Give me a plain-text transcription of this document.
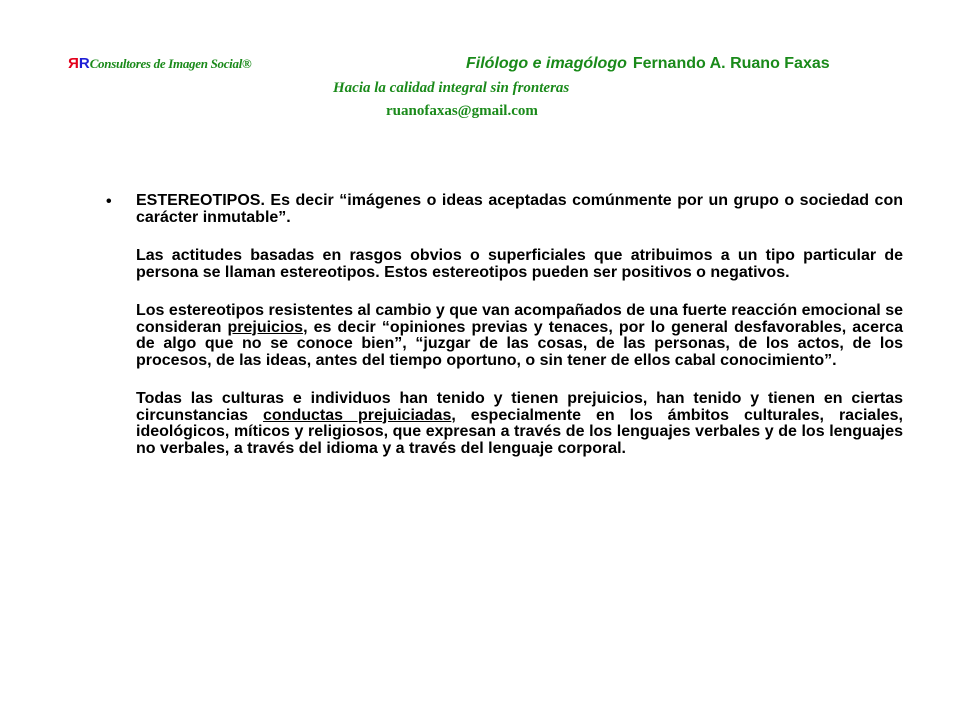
RRConsultores de Imagen Social®	Filólogo e imagólogo Fernando A. Ruano Faxas
Hacia la calidad integral sin fronteras
ruanofaxas@gmail.com
• ESTEREOTIPOS. Es decir “imágenes o ideas aceptadas comúnmente por un grupo o sociedad con carácter inmutable”.

Las actitudes basadas en rasgos obvios o superficiales que atribuimos a un tipo particular de persona se llaman estereotipos. Estos estereotipos pueden ser positivos o negativos.

Los estereotipos resistentes al cambio y que van acompañados de una fuerte reacción emocional se consideran prejuicios, es decir “opiniones previas y tenaces, por lo general desfavorables, acerca de algo que no se conoce bien”, “juzgar de las cosas, de las personas, de los actos, de los procesos, de las ideas, antes del tiempo oportuno, o sin tener de ellos cabal conocimiento”.

Todas las culturas e individuos han tenido y tienen prejuicios, han tenido y tienen en ciertas circunstancias conductas prejuiciadas, especialmente en los ámbitos culturales, raciales, ideológicos, míticos y religiosos, que expresan a través de los lenguajes verbales y de los lenguajes no verbales, a través del idioma y a través del lenguaje corporal.
